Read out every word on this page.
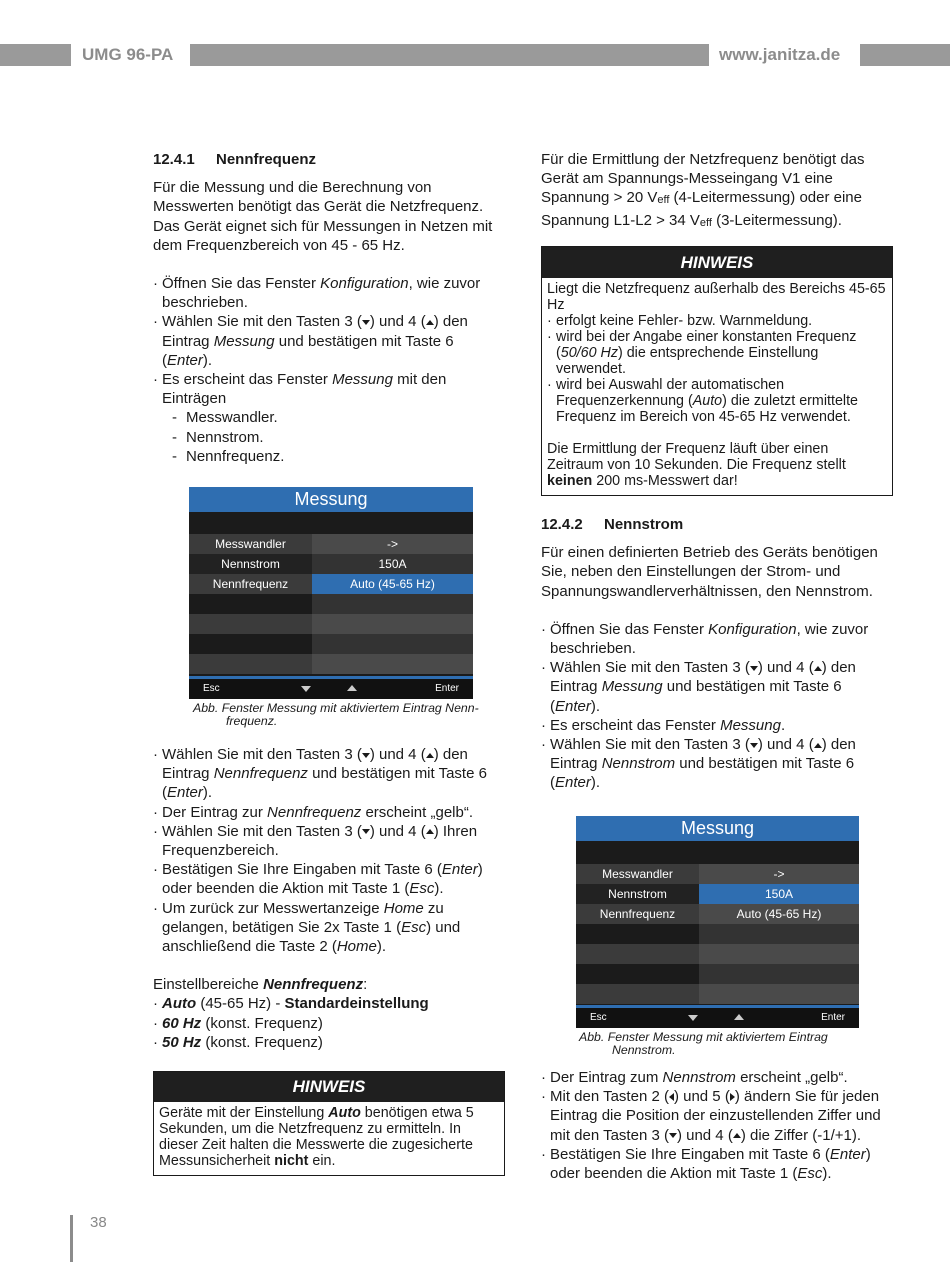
UMG 96-PA	www.janitza.de
12.4.1 Nennfrequenz

Für die Messung und die Berechnung von Messwerten benötigt das Gerät die Netzfrequenz. Das Gerät eignet sich für Messungen in Netzen mit dem Frequenzbereich von 45 - 65 Hz.

· Öffnen Sie das Fenster Konfiguration, wie zuvor beschrieben.
· Wählen Sie mit den Tasten 3 ( ) und 4 ( ) den Eintrag Messung und bestätigen mit Taste 6 (Enter).
· Es erscheint das Fenster Messung mit den Einträgen
- Messwandler.
- Nennstrom.
- Nennfrequenz.
Messung
Messwandler	->
Nennstrom	150A
Nennfrequenz	Auto (45-65 Hz)
Esc	Enter
Abb. Fenster Messung mit aktiviertem Eintrag Nenn-
frequenz.
· Wählen Sie mit den Tasten 3 ( ) und 4 ( ) den Eintrag Nennfrequenz und bestätigen mit Taste 6 (Enter).
· Der Eintrag zur Nennfrequenz erscheint „gelb“.
· Wählen Sie mit den Tasten 3 ( ) und 4 ( ) Ihren Frequenzbereich.
· Bestätigen Sie Ihre Eingaben mit Taste 6 (Enter) oder beenden die Aktion mit Taste 1 (Esc).
· Um zurück zur Messwertanzeige Home zu gelangen, betätigen Sie 2x Taste 1 (Esc) und anschließend die Taste 2 (Home).

Einstellbereiche Nennfrequenz:

· Auto (45-65 Hz) - Standardeinstellung
· 60 Hz (konst. Frequenz)
· 50 Hz (konst. Frequenz)
HINWEIS
Geräte mit der Einstellung Auto benötigen etwa 5 Sekunden, um die Netzfrequenz zu ermitteln. In dieser Zeit halten die Messwerte die zugesicherte Messunsicherheit nicht ein.

Für die Ermittlung der Netzfrequenz benötigt das Gerät am Spannungs-Messeingang V1 eine Spannung > 20 $V_{eff}$ (4-Leitermessung) oder eine Spannung L1-L2 > 34 $V_{eff}$ (3-Leitermessung).

HINWEIS

Liegt die Netzfrequenz außerhalb des Bereichs 45-65 Hz

· erfolgt keine Fehler- bzw. Warnmeldung.
· wird bei der Angabe einer konstanten Frequenz (50/60 Hz) die entsprechende Einstellung verwendet.
· wird bei Auswahl der automatischen Frequenzerkennung (Auto) die zuletzt ermittelte Frequenz im Bereich von 45-65 Hz verwendet.

Die Ermittlung der Frequenz läuft über einen Zeitraum von 10 Sekunden. Die Frequenz stellt keinen 200 ms-Messwert dar!

12.4.2 Nennstrom

Für einen definierten Betrieb des Geräts benötigen Sie, neben den Einstellungen der Strom- und Spannungswandlerverhältnissen, den Nennstrom.

· Öffnen Sie das Fenster Konfiguration, wie zuvor beschrieben.
· Wählen Sie mit den Tasten 3 ( ) und 4 ( ) den Eintrag Messung und bestätigen mit Taste 6 (Enter).
· Es erscheint das Fenster Messung.
· Wählen Sie mit den Tasten 3 ( ) und 4 ( ) den Eintrag Nennstrom und bestätigen mit Taste 6 (Enter).
Messung
Messwandler	->
Nennstrom	150A
Nennfrequenz	Auto (45-65 Hz)
Esc	Enter
Abb. Fenster Messung mit aktiviertem Eintrag
Nennstrom.
· Der Eintrag zum Nennstrom erscheint „gelb“.
· Mit den Tasten 2 ( ) und 5 ( ) ändern Sie für jeden Eintrag die Position der einzustellenden Ziffer und mit den Tasten 3 ( ) und 4 ( ) die Ziffer (-1/+1).
· Bestätigen Sie Ihre Eingaben mit Taste 6 (Enter) oder beenden die Aktion mit Taste 1 (Esc).
38
